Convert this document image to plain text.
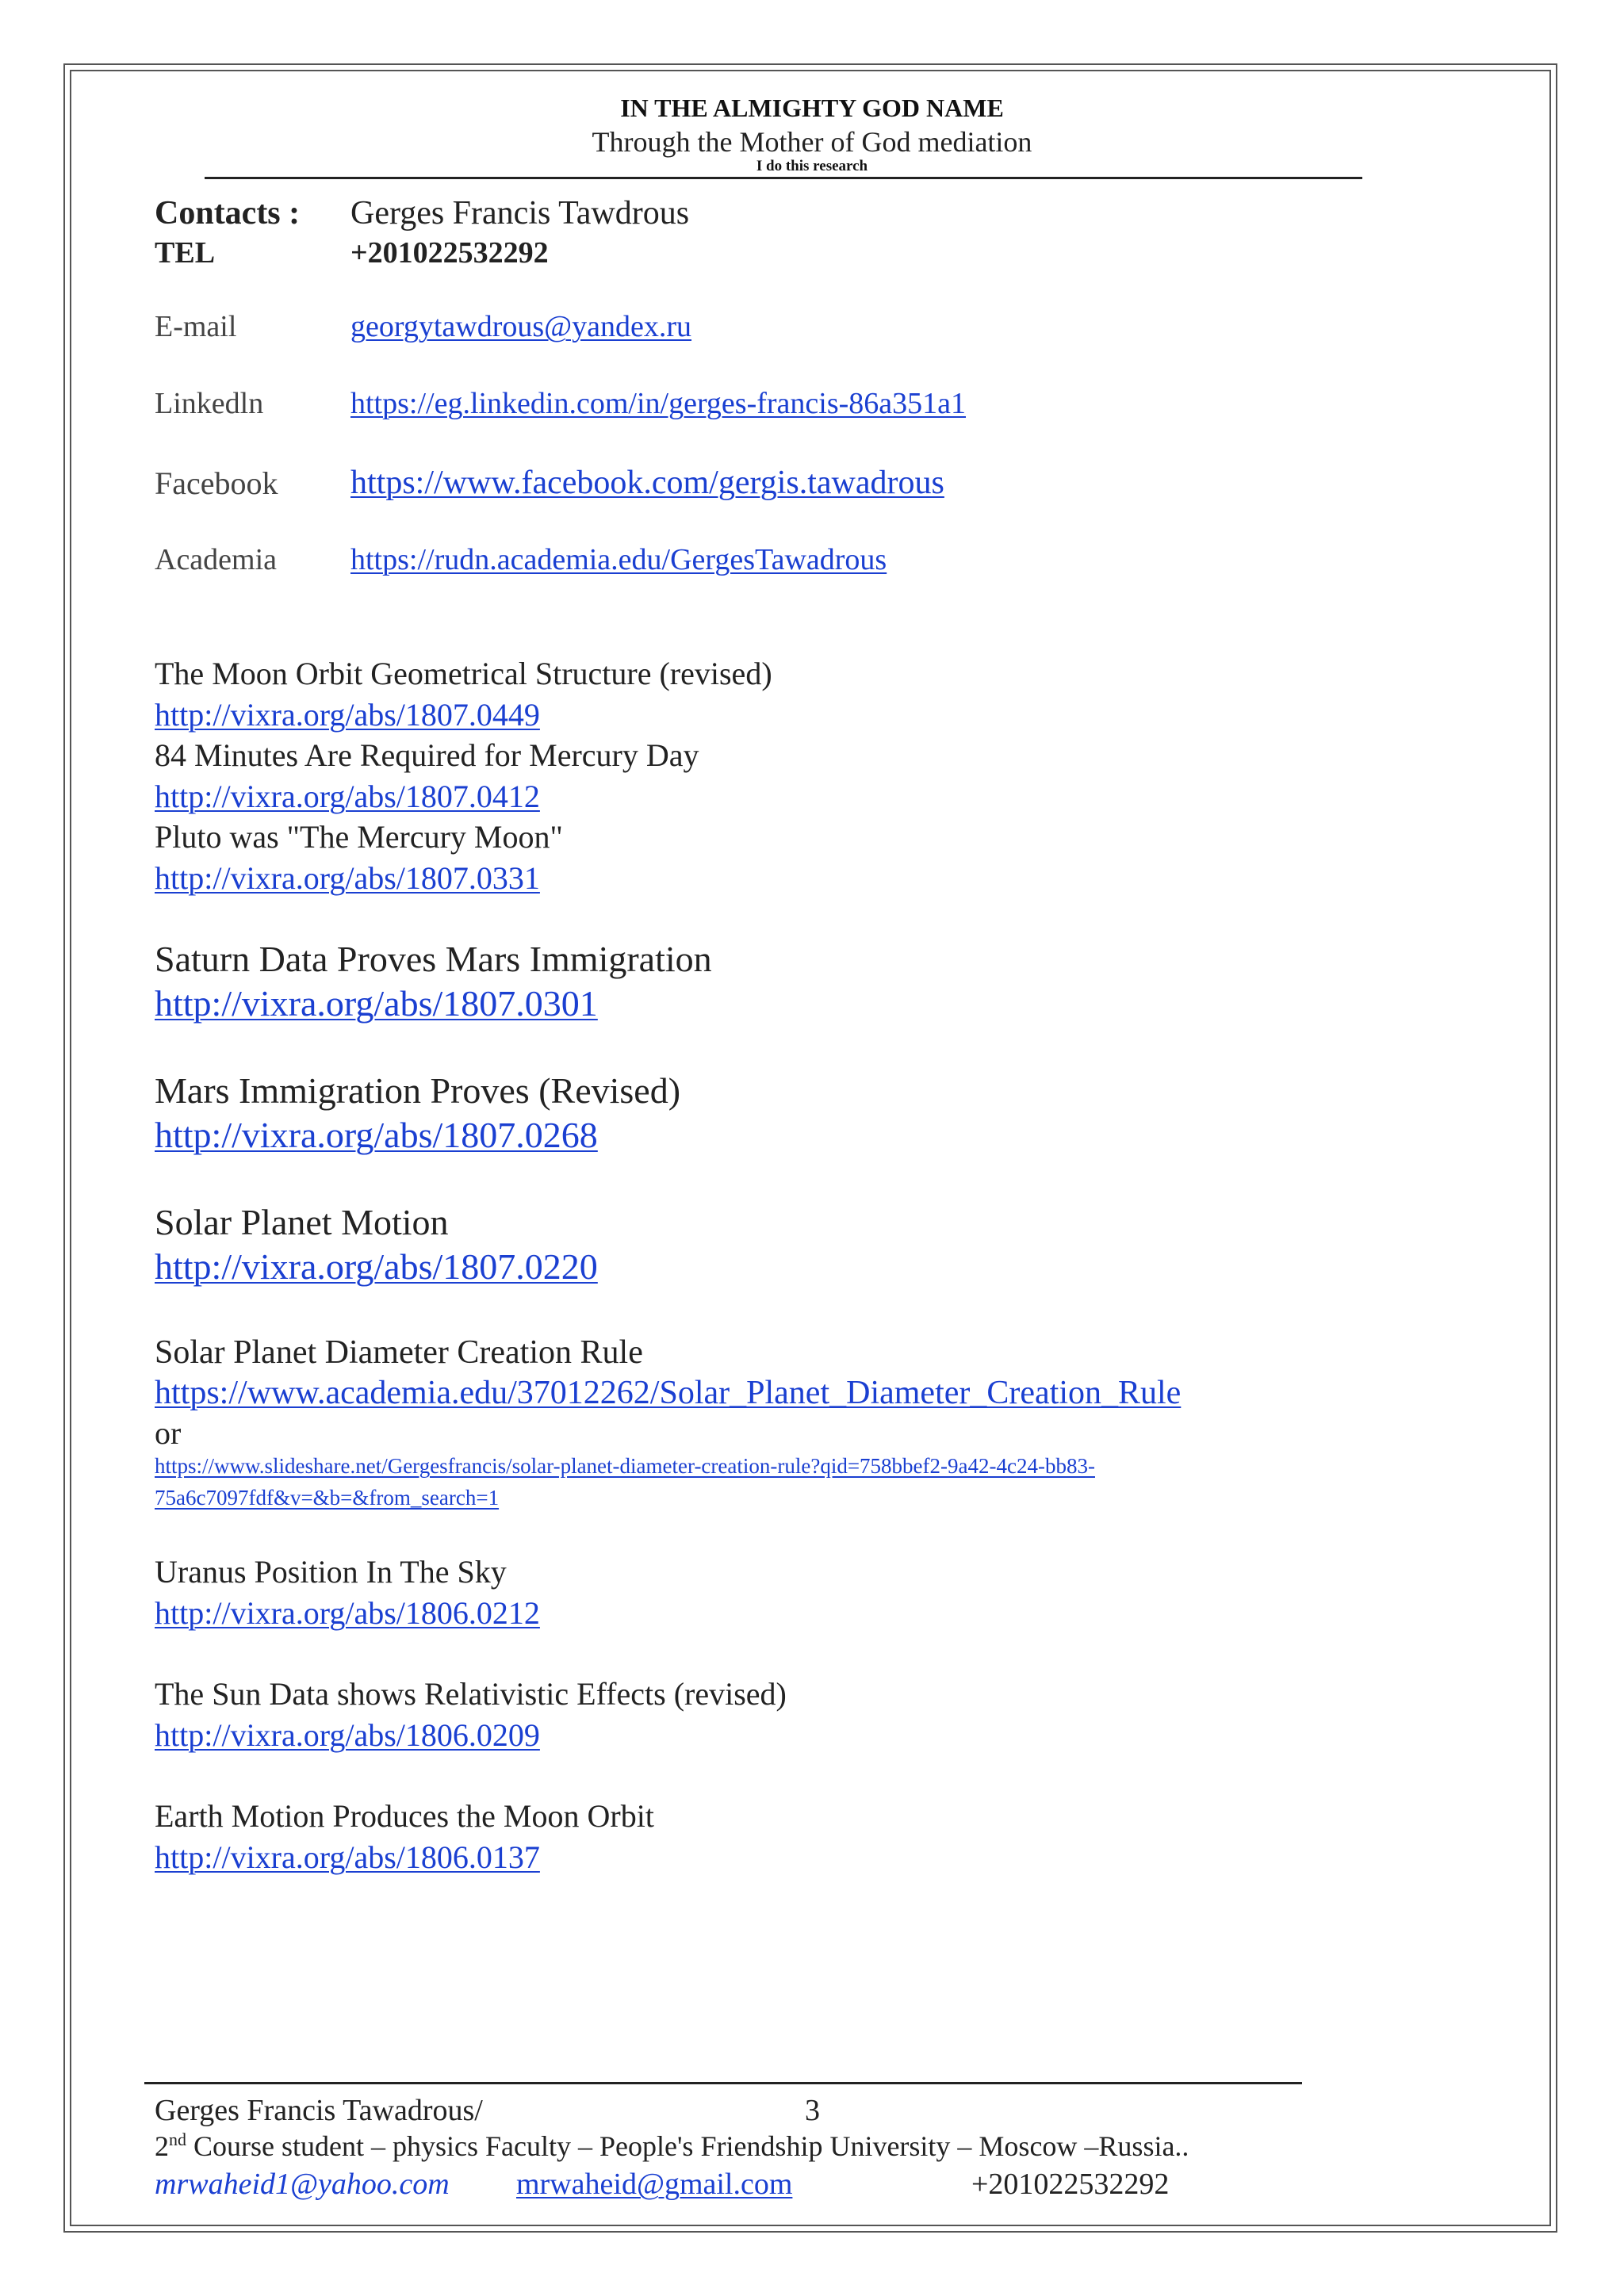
IN THE ALMIGHTY GOD NAME
Through the Mother of God mediation
I do this research
Contacts : Gerges Francis Tawdrous
TEL	+201022532292
E-mail	georgytawdrous@yandex.ru
Linkedln	https://eg.linkedin.com/in/gerges-francis-86a351a1
Facebook https://www.facebook.com/gergis.tawadrous
Academia https://rudn.academia.edu/GergesTawadrous
The Moon Orbit Geometrical Structure (revised)
http://vixra.org/abs/1807.0449
84 Minutes Are Required for Mercury Day
http://vixra.org/abs/1807.0412
Pluto was "The Mercury Moon"
http://vixra.org/abs/1807.0331
Saturn Data Proves Mars Immigration
http://vixra.org/abs/1807.0301
Mars Immigration Proves (Revised)
http://vixra.org/abs/1807.0268
Solar Planet Motion
http://vixra.org/abs/1807.0220
Solar Planet Diameter Creation Rule
https://www.academia.edu/37012262/Solar_Planet_Diameter_Creation_Rule
or
https://www.slideshare.net/Gergesfrancis/solar-planet-diameter-creation-rule?qid=758bbef2-9a42-4c24-bb83-
75a6c7097fdf&v=&b=&from_search=1
Uranus Position In The Sky
http://vixra.org/abs/1806.0212
The Sun Data shows Relativistic Effects (revised)
http://vixra.org/abs/1806.0209
Earth Motion Produces the Moon Orbit
http://vixra.org/abs/1806.0137
Gerges Francis Tawadrous/	3
2nd Course student – physics Faculty – People's Friendship University – Moscow –Russia..
mrwaheid1@yahoo.com mrwaheid@gmail.com	+201022532292
